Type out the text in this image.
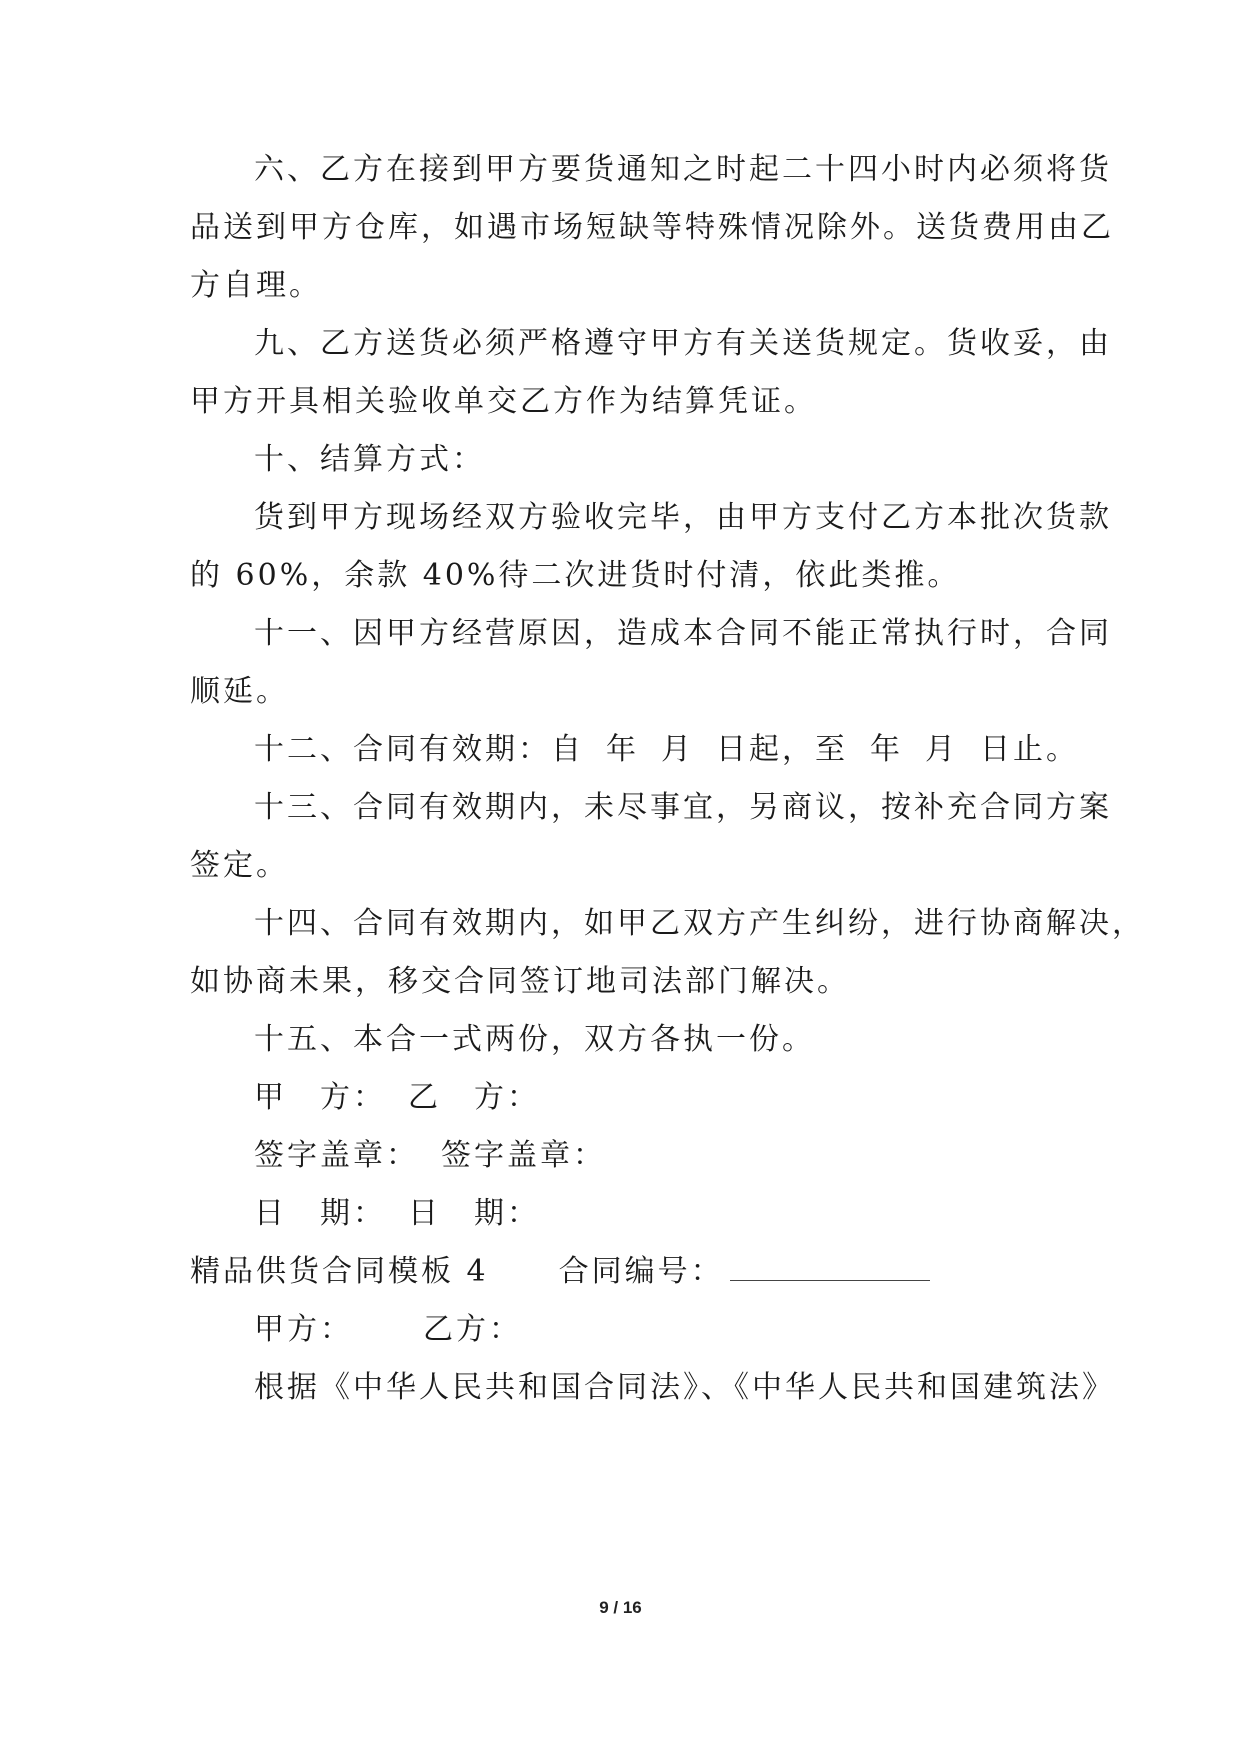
六、乙方在接到甲方要货通知之时起二十四小时内必须将货
品送到甲方仓库，如遇市场短缺等特殊情况除外。送货费用由乙
方自理。
九、乙方送货必须严格遵守甲方有关送货规定。货收妥，由
甲方开具相关验收单交乙方作为结算凭证。
十、结算方式：
货到甲方现场经双方验收完毕，由甲方支付乙方本批次货款
的 60%，余款 40%待二次进货时付清，依此类推。
十一、因甲方经营原因，造成本合同不能正常执行时，合同
顺延。
十二、合同有效期：自 年 月 日起，至 年 月 日止。
十三、合同有效期内，未尽事宜，另商议，按补充合同方案
签定。
十四、合同有效期内，如甲乙双方产生纠纷，进行协商解决，
如协商未果，移交合同签订地司法部门解决。
十五、本合一式两份，双方各执一份。
甲　方： 乙　方：
签字盖章： 签字盖章：
日　期： 日　期：
精品供货合同模板 4 合同编号：
甲方： 乙方：
根据《中华人民共和国合同法》、《中华人民共和国建筑法》
9 / 16
